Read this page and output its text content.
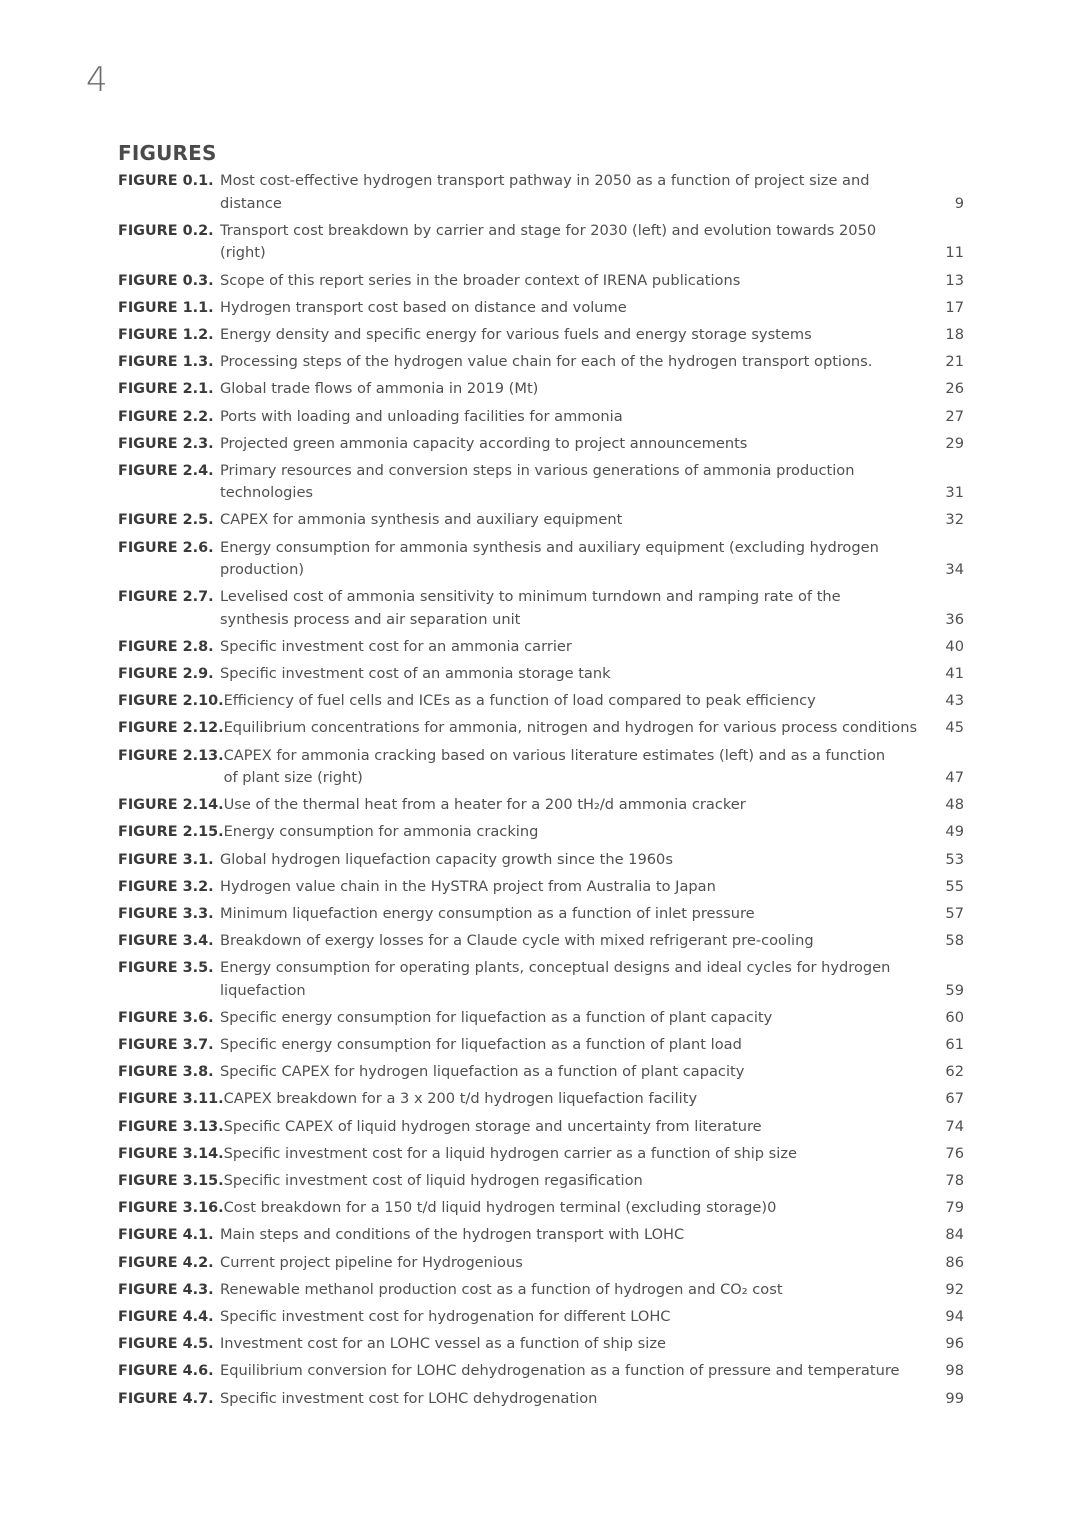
4
FIGURES
FIGURE 0.1. Most cost-effective hydrogen transport pathway in 2050 as a function of project size and distance	9
FIGURE 0.2. Transport cost breakdown by carrier and stage for 2030 (left) and evolution towards 2050 (right)	11
FIGURE 0.3. Scope of this report series in the broader context of IRENA publications	13
FIGURE 1.1. Hydrogen transport cost based on distance and volume	17
FIGURE 1.2. Energy density and specific energy for various fuels and energy storage systems	18
FIGURE 1.3. Processing steps of the hydrogen value chain for each of the hydrogen transport options.	21
FIGURE 2.1. Global trade flows of ammonia in 2019 (Mt)	26
FIGURE 2.2. Ports with loading and unloading facilities for ammonia	27
FIGURE 2.3. Projected green ammonia capacity according to project announcements	29
FIGURE 2.4. Primary resources and conversion steps in various generations of ammonia production technologies	31
FIGURE 2.5. CAPEX for ammonia synthesis and auxiliary equipment	32
FIGURE 2.6. Energy consumption for ammonia synthesis and auxiliary equipment (excluding hydrogen production)	34
FIGURE 2.7. Levelised cost of ammonia sensitivity to minimum turndown and ramping rate of the synthesis process and air separation unit	36
FIGURE 2.8. Specific investment cost for an ammonia carrier	40
FIGURE 2.9. Specific investment cost of an ammonia storage tank	41
FIGURE 2.10. Efficiency of fuel cells and ICEs as a function of load compared to peak efficiency	43
FIGURE 2.12. Equilibrium concentrations for ammonia, nitrogen and hydrogen for various process conditions	45
FIGURE 2.13. CAPEX for ammonia cracking based on various literature estimates (left) and as a function of plant size (right)	47
FIGURE 2.14. Use of the thermal heat from a heater for a 200 tH₂/d ammonia cracker	48
FIGURE 2.15. Energy consumption for ammonia cracking	49
FIGURE 3.1. Global hydrogen liquefaction capacity growth since the 1960s	53
FIGURE 3.2. Hydrogen value chain in the HySTRA project from Australia to Japan	55
FIGURE 3.3. Minimum liquefaction energy consumption as a function of inlet pressure	57
FIGURE 3.4. Breakdown of exergy losses for a Claude cycle with mixed refrigerant pre-cooling	58
FIGURE 3.5. Energy consumption for operating plants, conceptual designs and ideal cycles for hydrogen liquefaction	59
FIGURE 3.6. Specific energy consumption for liquefaction as a function of plant capacity	60
FIGURE 3.7. Specific energy consumption for liquefaction as a function of plant load	61
FIGURE 3.8. Specific CAPEX for hydrogen liquefaction as a function of plant capacity	62
FIGURE 3.11. CAPEX breakdown for a 3 x 200 t/d hydrogen liquefaction facility	67
FIGURE 3.13. Specific CAPEX of liquid hydrogen storage and uncertainty from literature	74
FIGURE 3.14. Specific investment cost for a liquid hydrogen carrier as a function of ship size	76
FIGURE 3.15. Specific investment cost of liquid hydrogen regasification	78
FIGURE 3.16. Cost breakdown for a 150 t/d liquid hydrogen terminal (excluding storage)0	79
FIGURE 4.1. Main steps and conditions of the hydrogen transport with LOHC	84
FIGURE 4.2. Current project pipeline for Hydrogenious	86
FIGURE 4.3. Renewable methanol production cost as a function of hydrogen and CO₂ cost	92
FIGURE 4.4. Specific investment cost for hydrogenation for different LOHC	94
FIGURE 4.5. Investment cost for an LOHC vessel as a function of ship size	96
FIGURE 4.6. Equilibrium conversion for LOHC dehydrogenation as a function of pressure and temperature	98
FIGURE 4.7. Specific investment cost for LOHC dehydrogenation	99
